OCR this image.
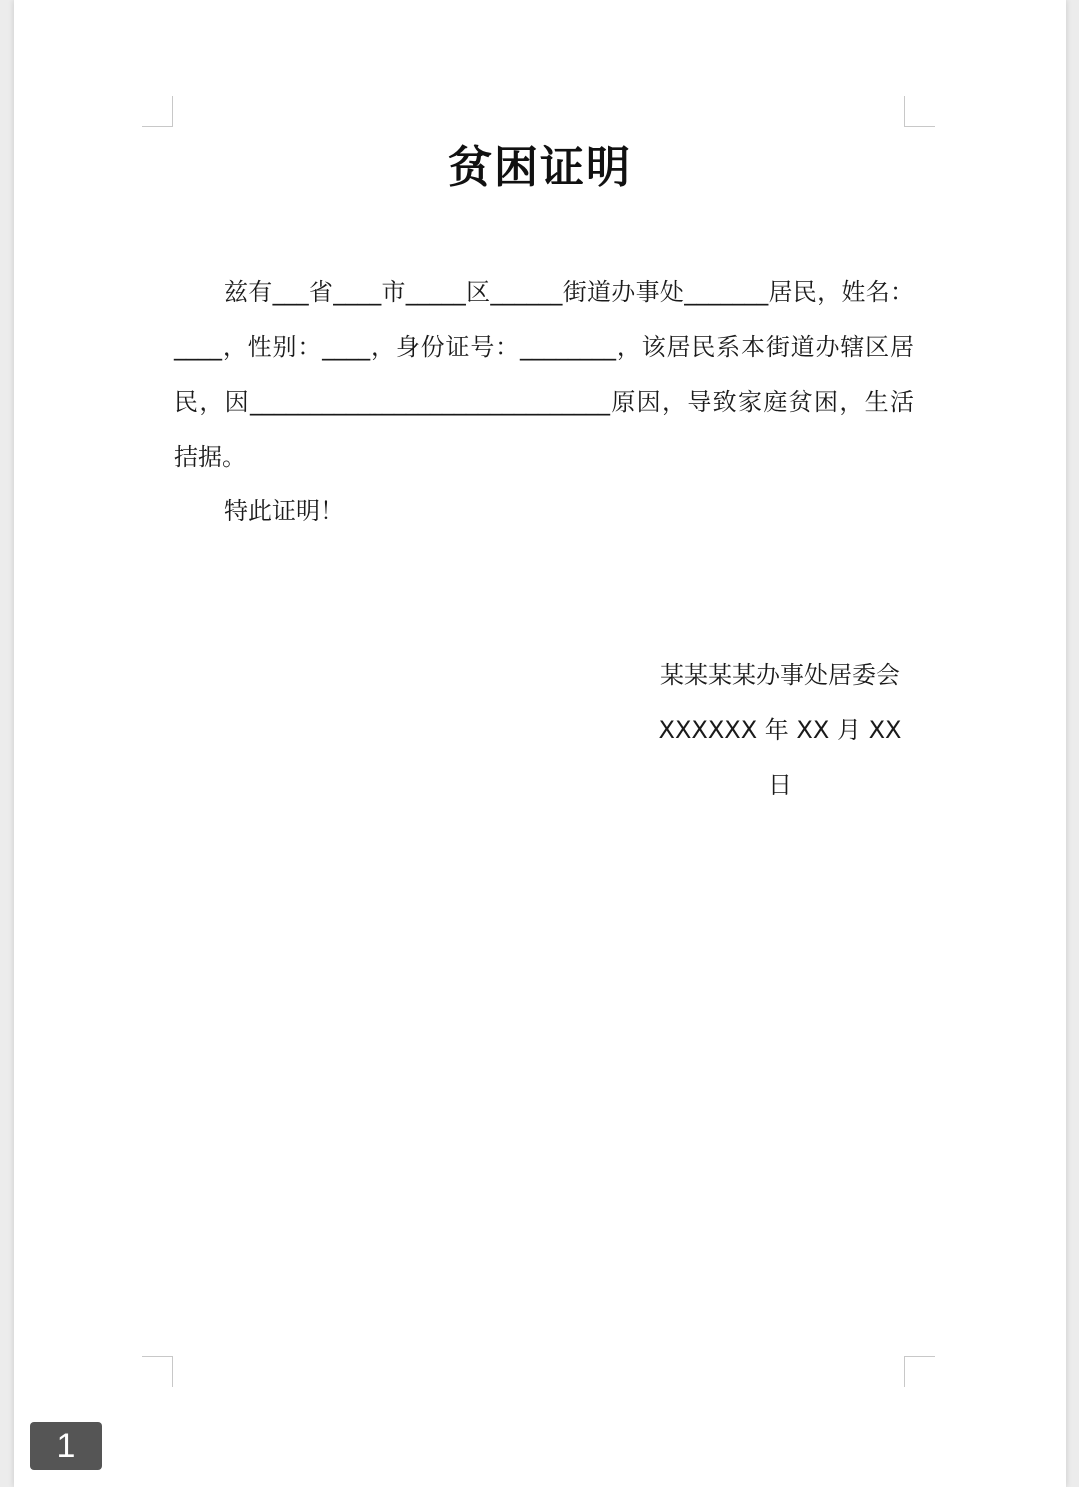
贫困证明
兹有___省____市_____区______街道办事处_______居民，姓名：____，性别：____，身份证号：________，该居民系本街道办辖区居民，因______________________________原因，导致家庭贫困，生活拮据。
特此证明！
某某某某办事处居委会
XXXXXX 年 XX 月 XX 日
1
